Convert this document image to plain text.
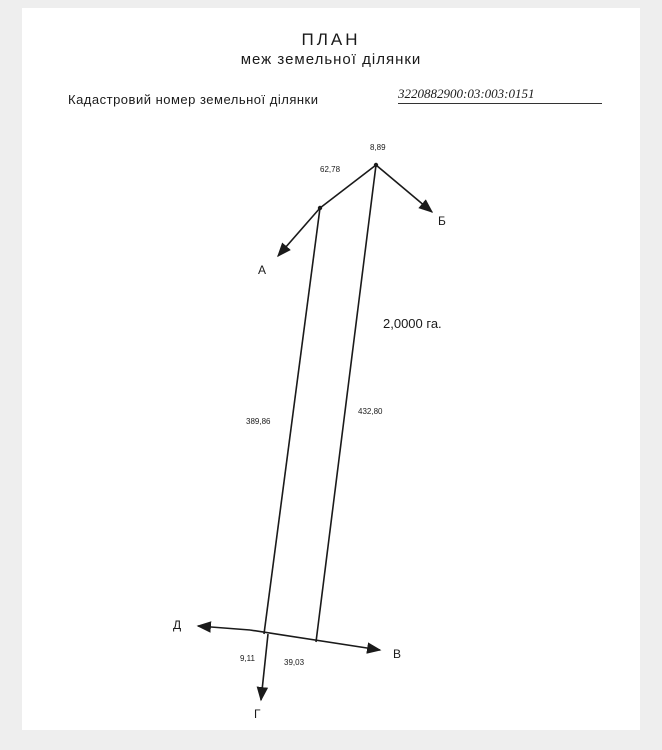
ПЛАН
меж земельної ділянки
Кадастровий номер земельної ділянки	3220882900:03:003:0151
8,89
62,78
389,86
432,80
9,11	39,03
2,0000 га.
А
Б
Д
В
Г
